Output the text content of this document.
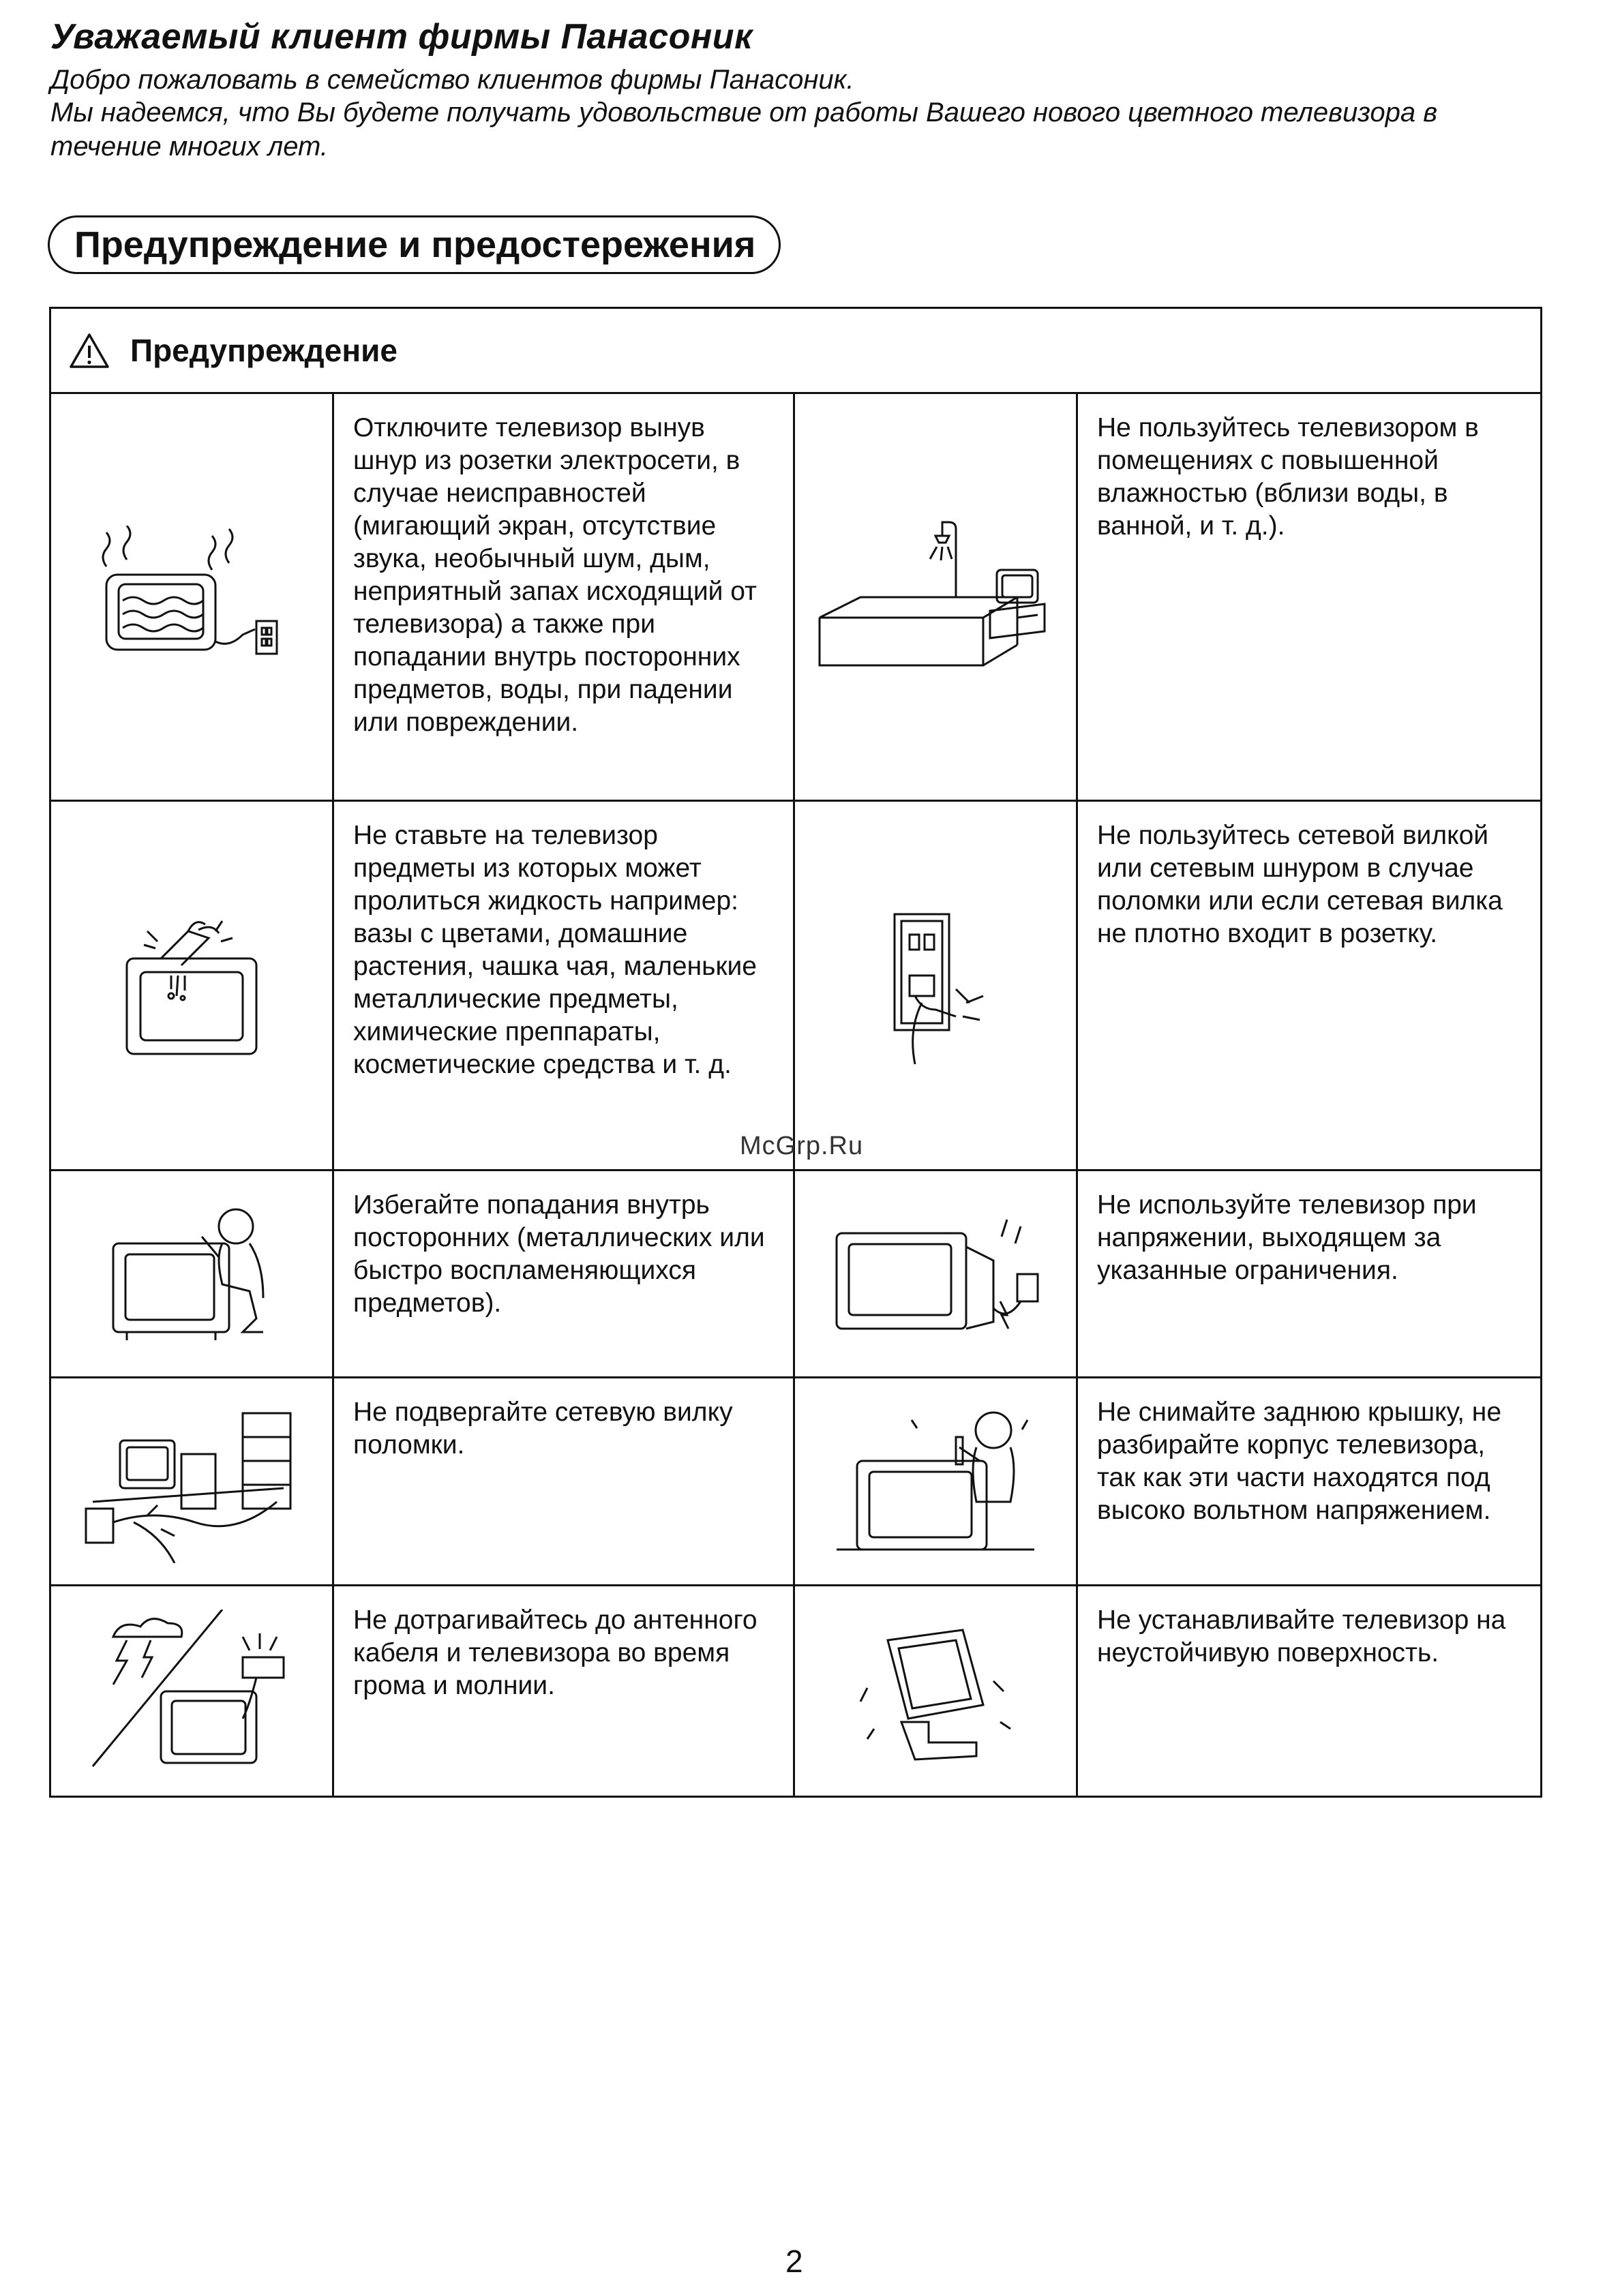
Уважаемый клиент фирмы Панасоник

Добро пожаловать в семейство клиентов фирмы Панасоник.

Мы надеемся, что Вы будете получать удовольствие от работы Вашего нового цветного телевизора в течение многих лет.

Предупреждение и предостережения
Предупреждение			

	Отключите телевизор вынув шнур из розетки электросети, в случае неисправностей (мигающий экран, отсутствие звука, необычный шум, дым, неприятный запах исходящий от телевизора) а также при попадании внутрь посторонних предметов, воды, при падении или повреждении.		Не пользуйтесь телевизором в помещениях с повышенной влажностью (вблизи воды, в ванной, и т. д.).

	Не ставьте на телевизор предметы из которых может пролиться жидкость например:
вазы с цветами, домашние растения, чашка чая, маленькие металлические предметы, химические преппараты, косметические средства и т. д.		Не пользуйтесь сетевой вилкой или сетевым шнуром в случае поломки или если сетевая вилка не плотно входит в розетку.

	Избегайте попадания внутрь посторонних (металлических или быстро воспламеняющихся предметов).		Не используйте телевизор при напряжении, выходящем за указанные ограничения.

	Не подвергайте сетевую вилку поломки.		Не снимайте заднюю крышку, не разбирайте корпус телевизора, так как эти части находятся под высоко вольтном напряжением.

	Не дотрагивайтесь до антенного кабеля и телевизора во время грома и молнии.		Не устанавливайте телевизор на неустойчивую поверхность.
McGrp.Ru
2
